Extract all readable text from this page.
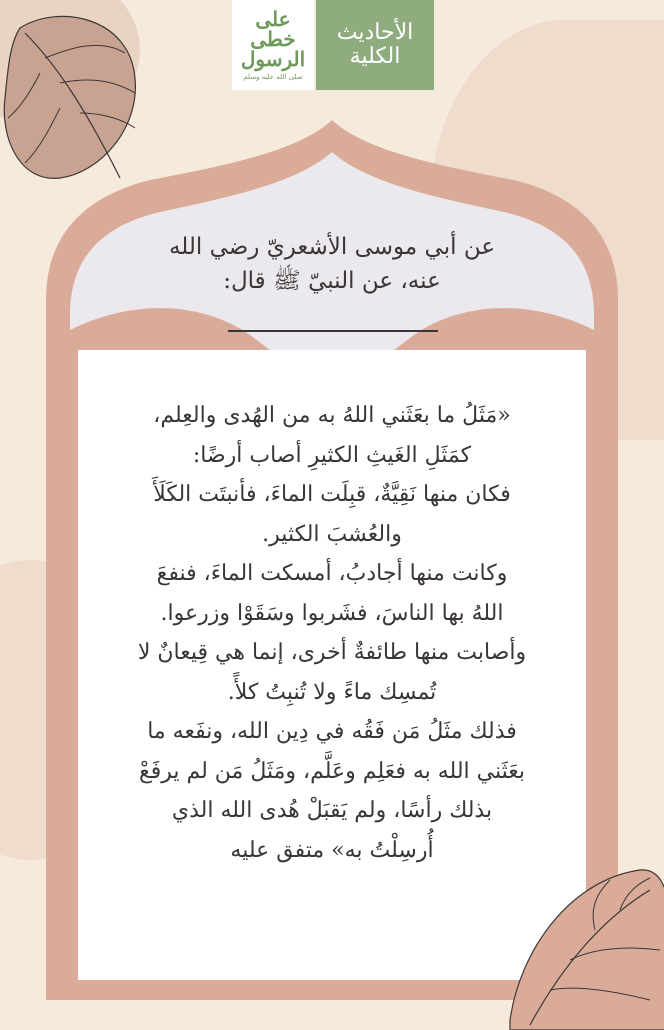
على خطى الرسول
صلى الله عليه وسلم
الأحاديث الكلية
عن أبي موسى الأشعريّ رضي الله
عنه، عن النبيّ ﷺ قال:
«مَثَلُ ما بعَثَني اللهُ به من الهُدى والعِلم،
كمَثَلِ الغَيثِ الكثيرِ أصاب أرضًا:
فكان منها نَقِيَّةٌ، قبِلَت الماءَ، فأنبتَت الكَلَأَ
والعُشبَ الكثير.
وكانت منها أجادبُ، أمسكت الماءَ، فنفعَ
اللهُ بها الناسَ، فشَربوا وسَقَوْا وزرعوا.
وأصابت منها طائفةٌ أخرى، إنما هي قِيعانٌ لا
تُمسِك ماءً ولا تُنبِتُ كلأً.
فذلك مثَلُ مَن فَقُه في دِين الله، ونفَعه ما
بعَثَني الله به فعَلِم وعَلَّم، ومَثَلُ مَن لم يرفَعْ
بذلك رأسًا، ولم يَقبَلْ هُدى الله الذي
أُرسِلْتُ به» متفق عليه
